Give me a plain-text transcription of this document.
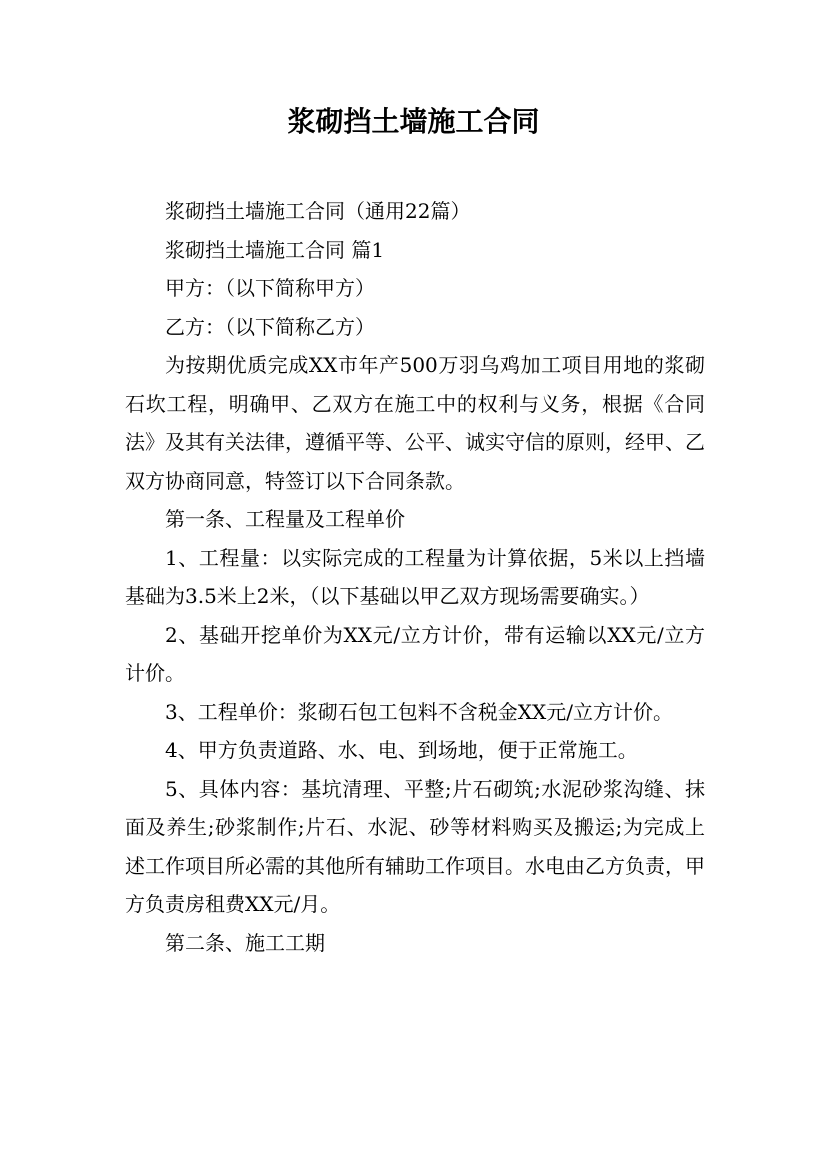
浆砌挡土墙施工合同

浆砌挡土墙施工合同（通用22篇）

浆砌挡土墙施工合同 篇1

甲方：（以下简称甲方）

乙方：（以下简称乙方）

为按期优质完成XX市年产500万羽乌鸡加工项目用地的浆砌石坎工程，明确甲、乙双方在施工中的权利与义务，根据《合同法》及其有关法律，遵循平等、公平、诚实守信的原则，经甲、乙双方协商同意，特签订以下合同条款。

第一条、工程量及工程单价

1、工程量：以实际完成的工程量为计算依据，5米以上挡墙基础为3.5米上2米，（以下基础以甲乙双方现场需要确实。）

2、基础开挖单价为XX元/立方计价，带有运输以XX元/立方计价。

3、工程单价：浆砌石包工包料不含税金XX元/立方计价。

4、甲方负责道路、水、电、到场地，便于正常施工。

5、具体内容：基坑清理、平整;片石砌筑;水泥砂浆沟缝、抹面及养生;砂浆制作;片石、水泥、砂等材料购买及搬运;为完成上述工作项目所必需的其他所有辅助工作项目。水电由乙方负责，甲方负责房租费XX元/月。

第二条、施工工期
